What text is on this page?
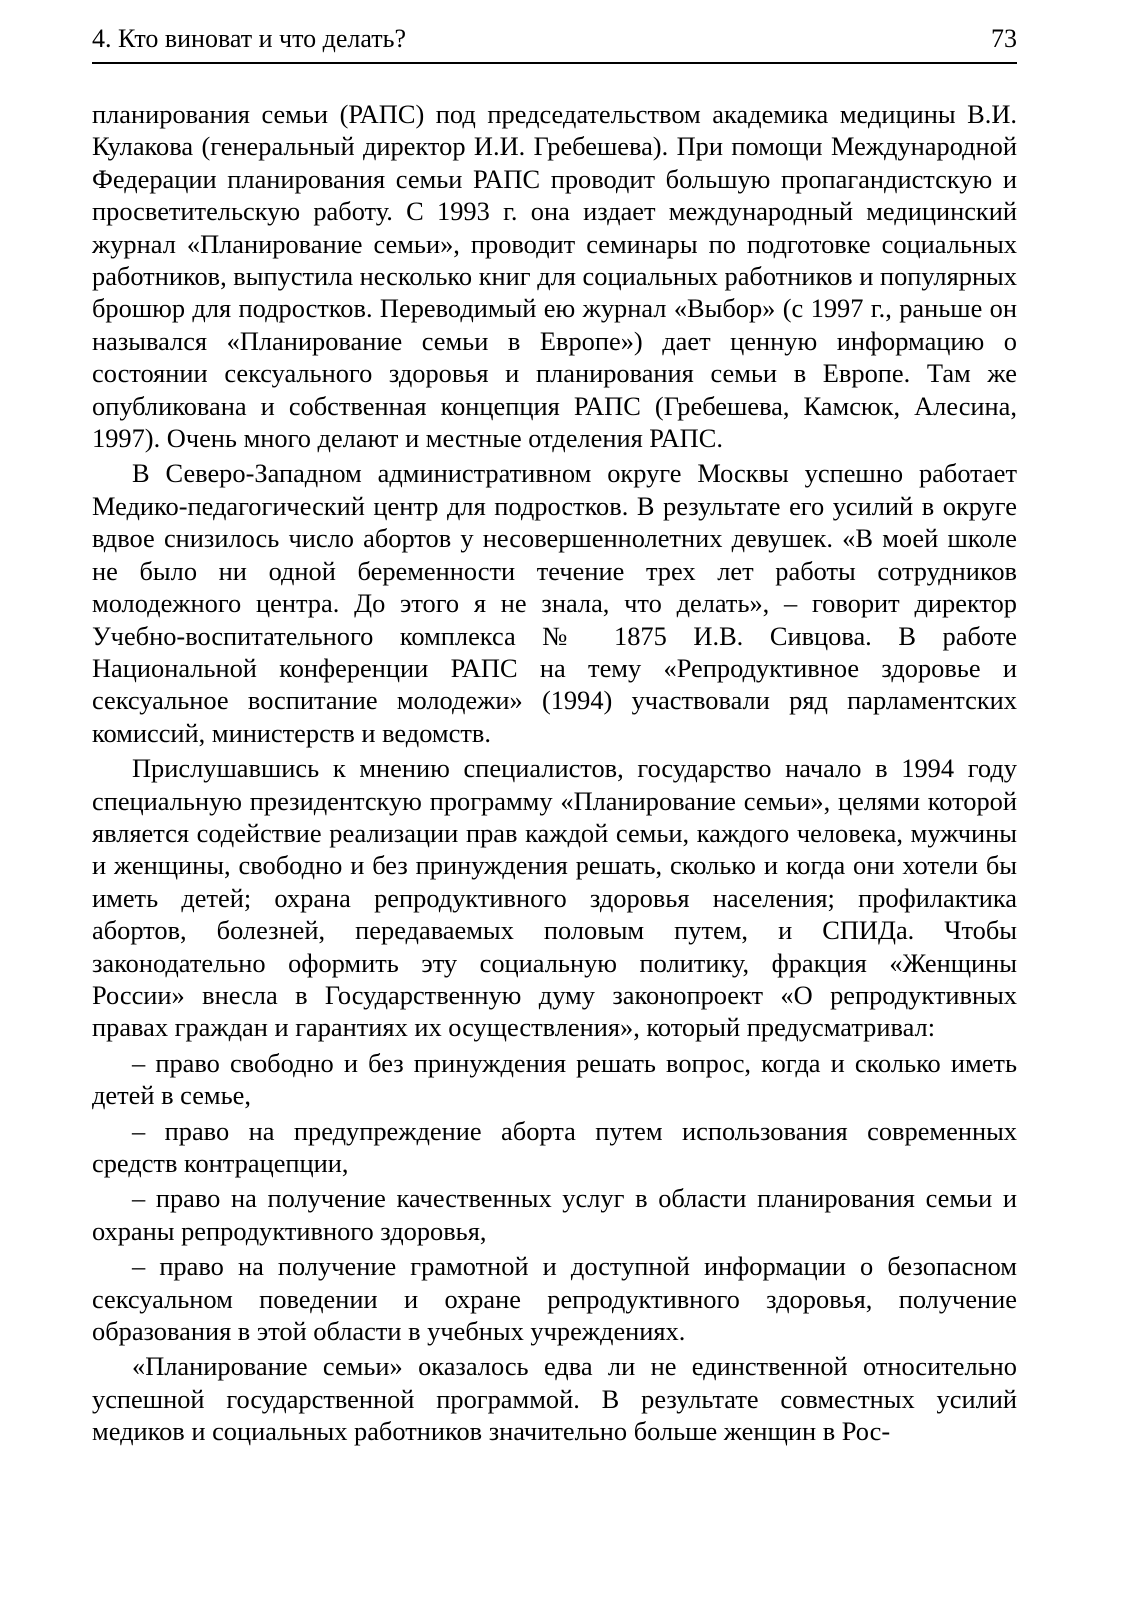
4. Кто виноват и что делать?	73

планирования семьи (РАПС) под председательством академика медицины В.И. Кулакова (генеральный директор И.И. Гребешева). При помощи Международной Федерации планирования семьи РАПС проводит большую пропагандистскую и просветительскую работу. С 1993 г. она издает международный медицинский журнал «Планирование семьи», проводит семинары по подготовке социальных работников, выпустила несколько книг для социальных работников и популярных брошюр для подростков. Переводимый ею журнал «Выбор» (с 1997 г., раньше он назывался «Планирование семьи в Европе») дает ценную информацию о состоянии сексуального здоровья и планирования семьи в Европе. Там же опубликована и собственная концепция РАПС (Гребешева, Камсюк, Алесина, 1997). Очень много делают и местные отделения РАПС.

В Северо-Западном административном округе Москвы успешно работает Медико-педагогический центр для подростков. В результате его усилий в округе вдвое снизилось число абортов у несовершеннолетних девушек. «В моей школе не было ни одной беременности течение трех лет работы сотрудников молодежного центра. До этого я не знала, что делать», – говорит директор Учебно-воспитательного комплекса № 1875 И.В. Сивцова. В работе Национальной конференции РАПС на тему «Репродуктивное здоровье и сексуальное воспитание молодежи» (1994) участвовали ряд парламентских комиссий, министерств и ведомств.

Прислушавшись к мнению специалистов, государство начало в 1994 году специальную президентскую программу «Планирование семьи», целями которой является содействие реализации прав каждой семьи, каждого человека, мужчины и женщины, свободно и без принуждения решать, сколько и когда они хотели бы иметь детей; охрана репродуктивного здоровья населения; профилактика абортов, болезней, передаваемых половым путем, и СПИДа. Чтобы законодательно оформить эту социальную политику, фракция «Женщины России» внесла в Государственную думу законопроект «О репродуктивных правах граждан и гарантиях их осуществления», который предусматривал:

– право свободно и без принуждения решать вопрос, когда и сколько иметь детей в семье,

– право на предупреждение аборта путем использования современных средств контрацепции,

– право на получение качественных услуг в области планирования семьи и охраны репродуктивного здоровья,

– право на получение грамотной и доступной информации о безопасном сексуальном поведении и охране репродуктивного здоровья, получение образования в этой области в учебных учреждениях.

«Планирование семьи» оказалось едва ли не единственной относительно успешной государственной программой. В результате совместных усилий медиков и социальных работников значительно больше женщин в Рос-
